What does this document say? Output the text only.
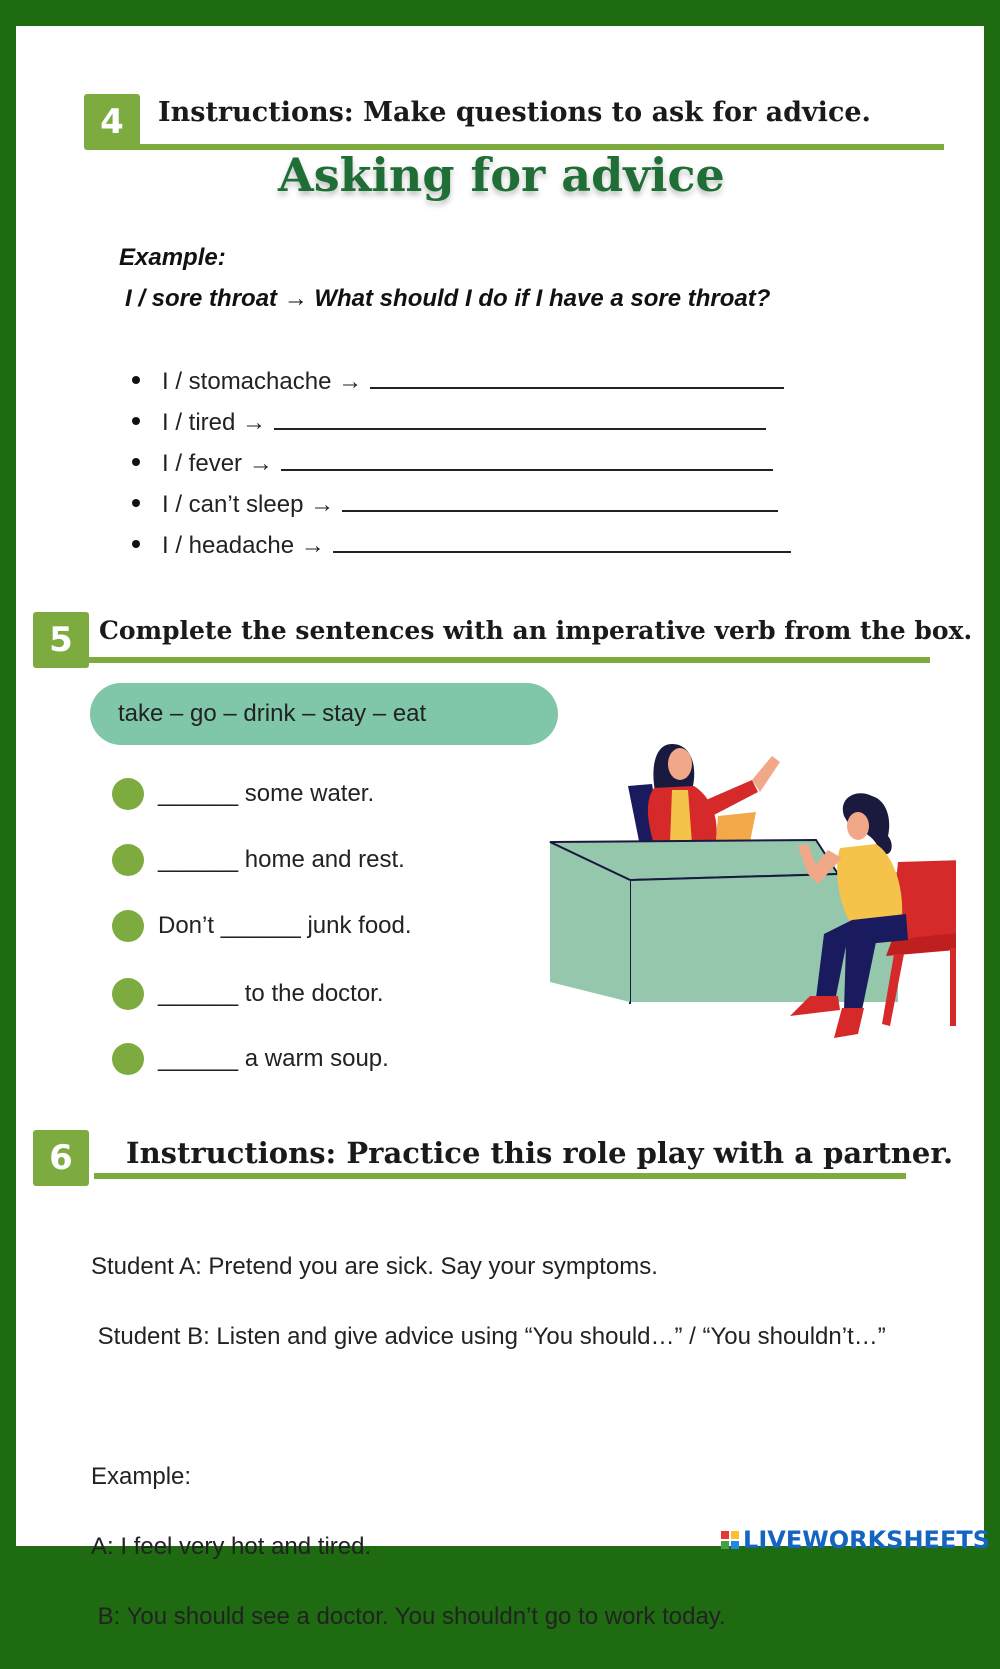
4	Instructions: Make questions to ask for advice.
Asking for advice
Example:
I / sore throat → What should I do if I have a sore throat?
I / stomachache →
I / tired →
I / fever →
I / can’t sleep →
I / headache →
5	Complete the sentences with an imperative verb from the box.
take – go – drink – stay – eat
______ some water.
______ home and rest.
Don’t ______ junk food.
______ to the doctor.
______ a warm soup.
6	Instructions: Practice this role play with a partner.

Student A: Pretend you are sick. Say your symptoms.

Student B: Listen and give advice using “You should…” / “You shouldn’t…”

Example:

A: I feel very hot and tired.

B: You should see a doctor. You shouldn’t go to work today.

LIVEWORKSHEETS
